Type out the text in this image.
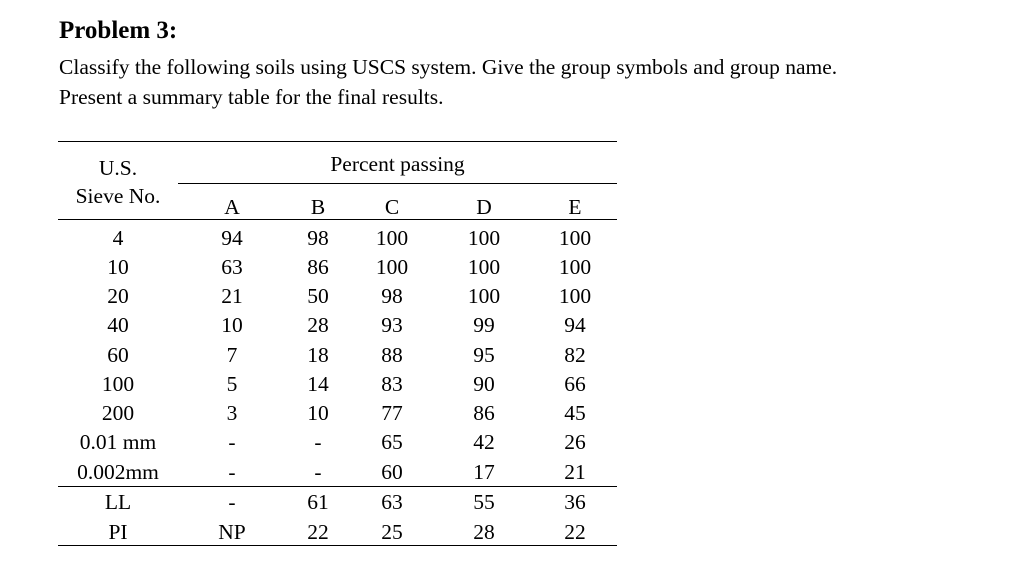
Problem 3:
Classify the following soils using USCS system. Give the group symbols and group name.
Present a summary table for the final results.
U.S.
Sieve No.
Percent passing
A	B	C	D	E
4	94	98	100	100	100
10	63	86	100	100	100
20	21	50	98	100	100
40	10	28	93	99	94
60	7	18	88	95	82
100	5	14	83	90	66
200	3	10	77	86	45
0.01 mm	-	-	65	42	26
0.002mm	-	-	60	17	21
LL	-	61	63	55	36
PI	NP	22	25	28	22
